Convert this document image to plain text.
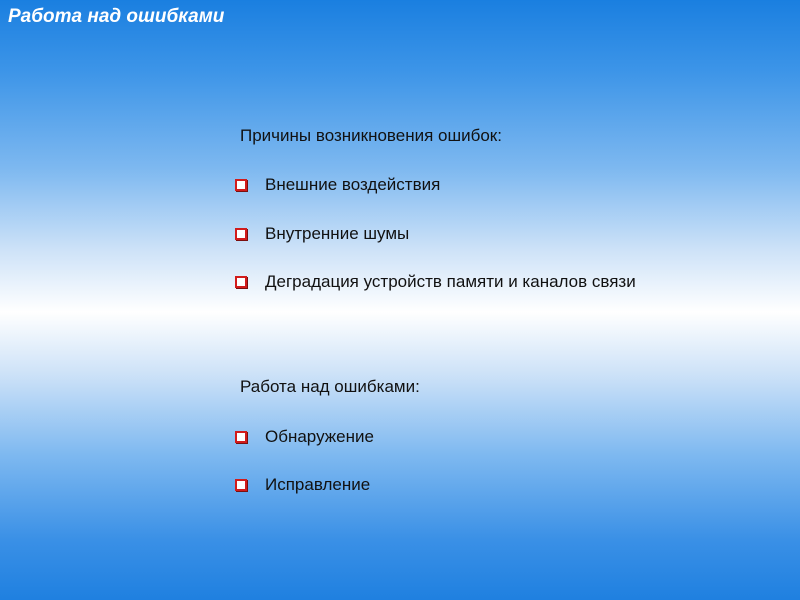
Работа над ошибками
Причины возникновения ошибок:
Внешние воздействия
Внутренние шумы
Деградация устройств памяти и каналов связи
Работа над ошибками:
Обнаружение
Исправление
